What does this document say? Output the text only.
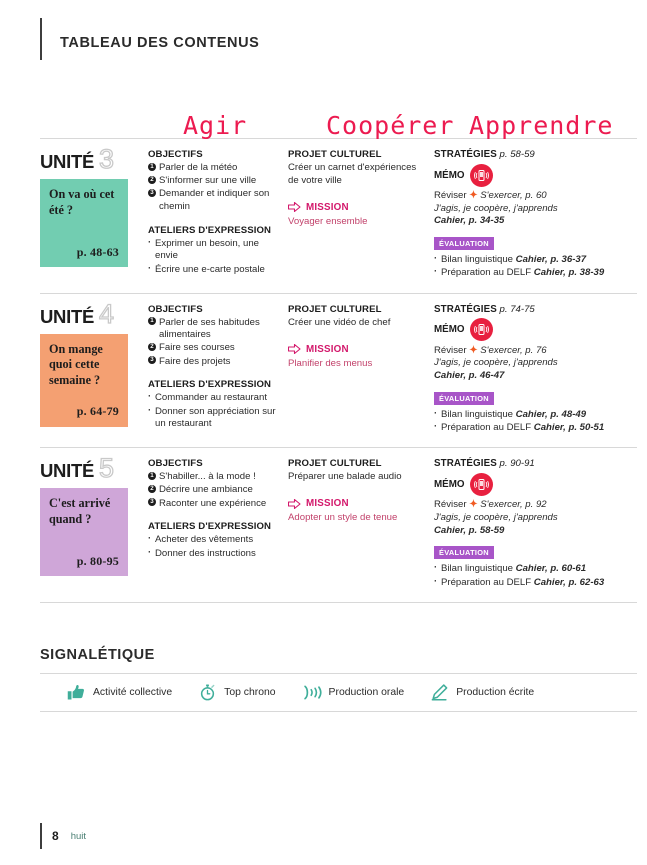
TABLEAU DES CONTENUS
Agir	Coopérer Apprendre
UNITÉ 3
On va où cet été ?
p. 48-63
OBJECTIFS
1 Parler de la météo
2 S'informer sur une ville
3 Demander et indiquer son chemin
ATELIERS D'EXPRESSION
· Exprimer un besoin, une envie
· Écrire une e-carte postale
PROJET CULTUREL
Créer un carnet d'expériences de votre ville
MISSION
Voyager ensemble
STRATÉGIES p. 58-59
MÉMO
Réviser ✦ S'exercer, p. 60
J'agis, je coopère, j'apprends
Cahier, p. 34-35
ÉVALUATION
· Bilan linguistique Cahier, p. 36-37
· Préparation au DELF Cahier, p. 38-39
UNITÉ 4
On mange quoi cette semaine ?
p. 64-79
OBJECTIFS
1 Parler de ses habitudes alimentaires
2 Faire ses courses
3 Faire des projets
ATELIERS D'EXPRESSION
· Commander au restaurant
· Donner son appréciation sur un restaurant
PROJET CULTUREL
Créer une vidéo de chef
MISSION
Planifier des menus
STRATÉGIES p. 74-75
MÉMO
Réviser ✦ S'exercer, p. 76
J'agis, je coopère, j'apprends
Cahier, p. 46-47
ÉVALUATION
· Bilan linguistique Cahier, p. 48-49
· Préparation au DELF Cahier, p. 50-51
UNITÉ 5
C'est arrivé quand ?
p. 80-95
OBJECTIFS
1 S'habiller... à la mode !
2 Décrire une ambiance
3 Raconter une expérience
ATELIERS D'EXPRESSION
· Acheter des vêtements
· Donner des instructions
PROJET CULTUREL
Préparer une balade audio
MISSION
Adopter un style de tenue
STRATÉGIES p. 90-91
MÉMO
Réviser ✦ S'exercer, p. 92
J'agis, je coopère, j'apprends
Cahier, p. 58-59
ÉVALUATION
· Bilan linguistique Cahier, p. 60-61
· Préparation au DELF Cahier, p. 62-63
SIGNALÉTIQUE
Activité collective	Top chrono	Production orale	Production écrite
8 huit
